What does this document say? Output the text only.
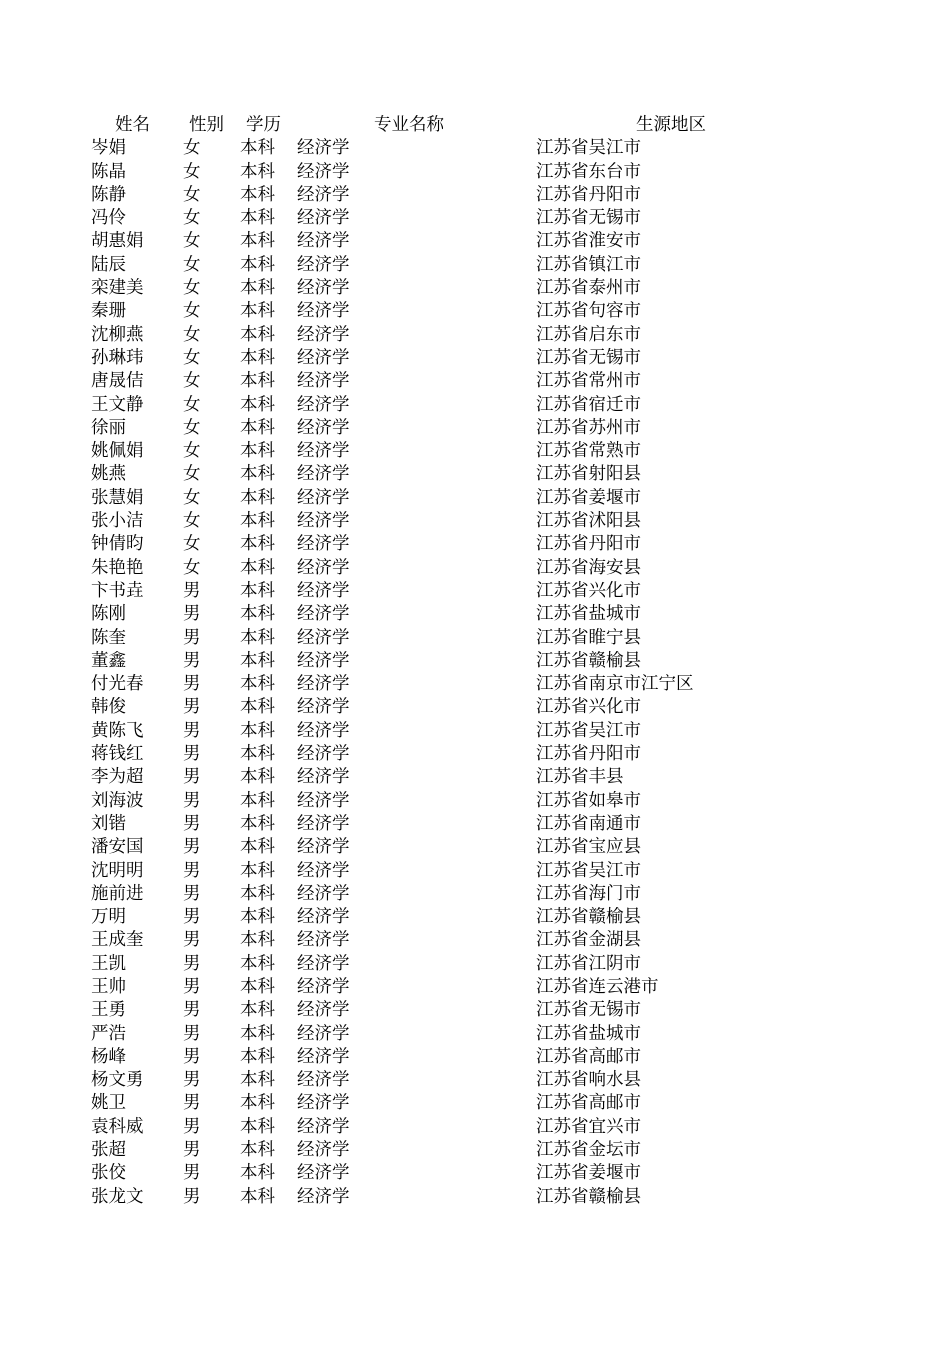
姓名 性别 学历	专业名称	生源地区
岑娟	女 本科 经济学	江苏省吴江市
陈晶	女 本科 经济学	江苏省东台市
陈静	女 本科 经济学	江苏省丹阳市
冯伶	女 本科 经济学	江苏省无锡市
胡惠娟 女 本科 经济学	江苏省淮安市
陆辰	女 本科 经济学	江苏省镇江市
栾建美 女 本科 经济学	江苏省泰州市
秦珊	女 本科 经济学	江苏省句容市
沈柳燕 女 本科 经济学	江苏省启东市
孙琳玮 女 本科 经济学	江苏省无锡市
唐晟佶 女 本科 经济学	江苏省常州市
王文静 女 本科 经济学	江苏省宿迁市
徐丽	女 本科 经济学	江苏省苏州市
姚佩娟 女 本科 经济学	江苏省常熟市
姚燕	女 本科 经济学	江苏省射阳县
张慧娟 女 本科 经济学	江苏省姜堰市
张小洁 女 本科 经济学	江苏省沭阳县
钟倩昀 女 本科 经济学	江苏省丹阳市
朱艳艳 女 本科 经济学	江苏省海安县
卞书垚 男 本科 经济学	江苏省兴化市
陈刚	男 本科 经济学	江苏省盐城市
陈奎	男 本科 经济学	江苏省睢宁县
董鑫	男 本科 经济学	江苏省赣榆县
付光春 男 本科 经济学	江苏省南京市江宁区
韩俊	男 本科 经济学	江苏省兴化市
黄陈飞 男 本科 经济学	江苏省吴江市
蒋钱红 男 本科 经济学	江苏省丹阳市
李为超 男 本科 经济学	江苏省丰县
刘海波 男 本科 经济学	江苏省如皋市
刘锴	男 本科 经济学	江苏省南通市
潘安国 男 本科 经济学	江苏省宝应县
沈明明 男 本科 经济学	江苏省吴江市
施前进 男 本科 经济学	江苏省海门市
万明	男 本科 经济学	江苏省赣榆县
王成奎 男 本科 经济学	江苏省金湖县
王凯	男 本科 经济学	江苏省江阴市
王帅	男 本科 经济学	江苏省连云港市
王勇	男 本科 经济学	江苏省无锡市
严浩	男 本科 经济学	江苏省盐城市
杨峰	男 本科 经济学	江苏省高邮市
杨文勇 男 本科 经济学	江苏省响水县
姚卫	男 本科 经济学	江苏省高邮市
袁科威 男 本科 经济学	江苏省宜兴市
张超	男 本科 经济学	江苏省金坛市
张佼	男 本科 经济学	江苏省姜堰市
张龙文 男 本科 经济学	江苏省赣榆县
